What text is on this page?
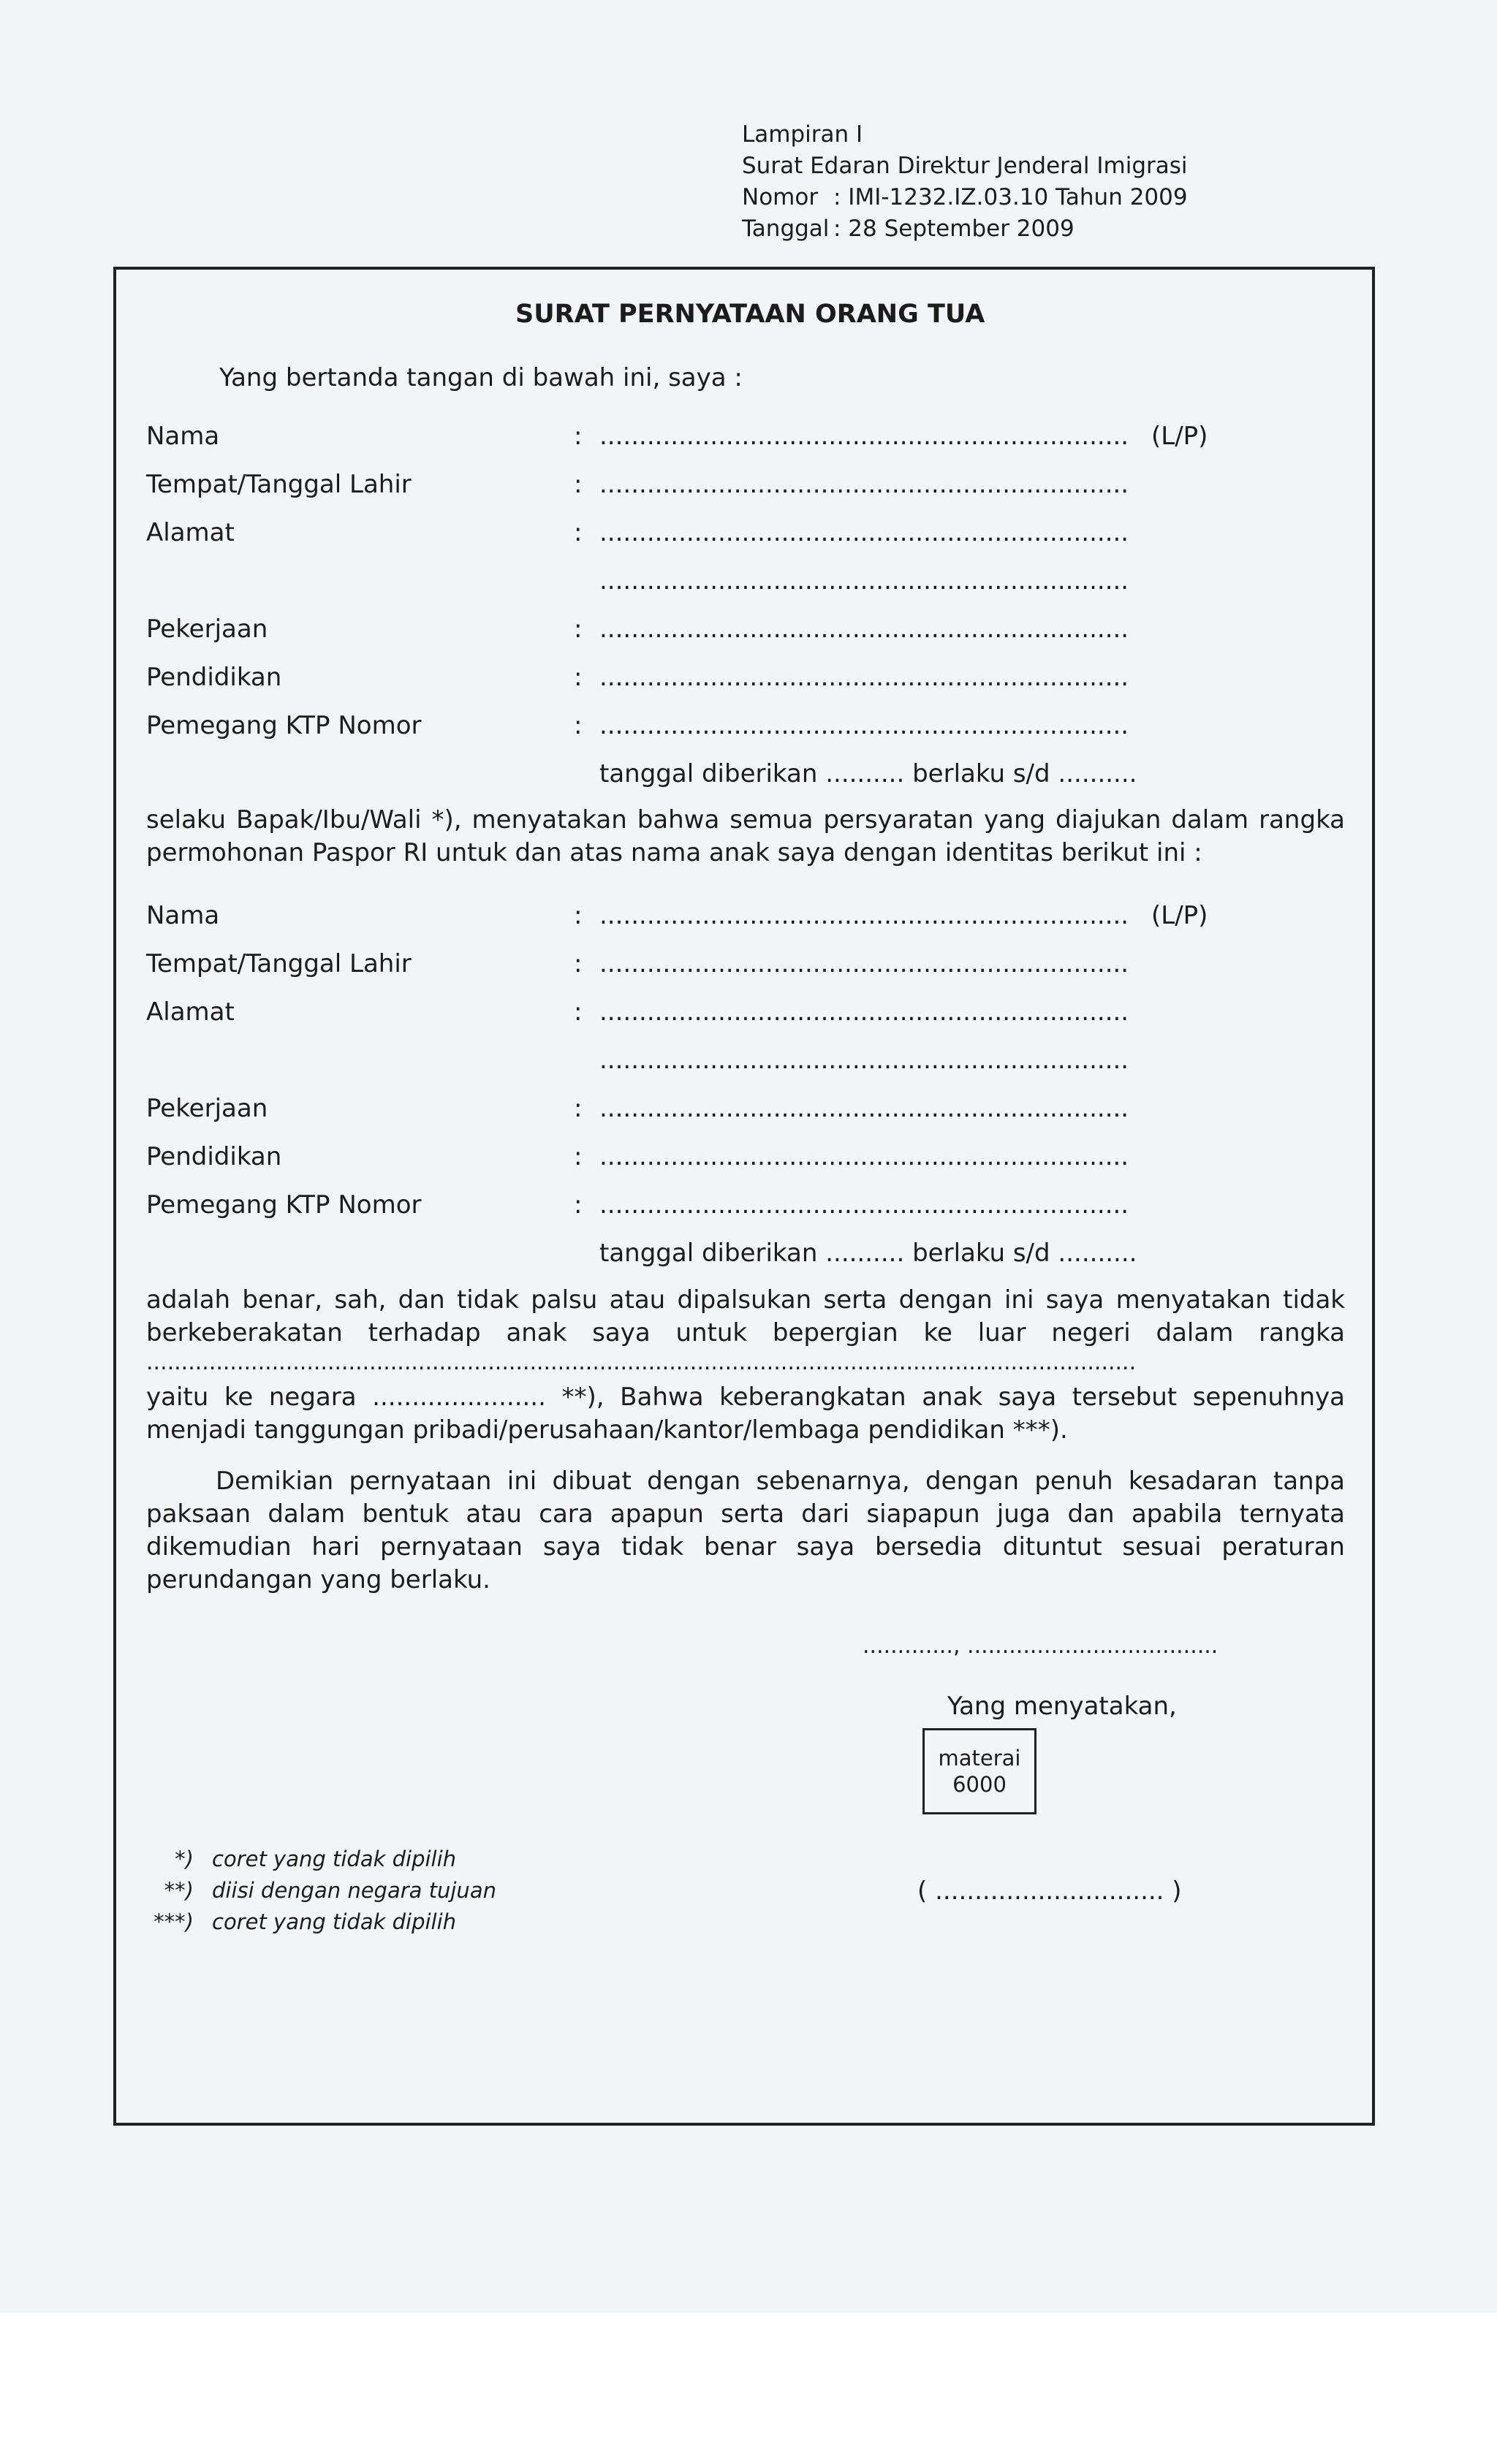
Lampiran I
Surat Edaran Direktur Jenderal Imigrasi
Nomor : IMI-1232.IZ.03.10 Tahun 2009
Tanggal : 28 September 2009
SURAT PERNYATAAN ORANG TUA
Yang bertanda tangan di bawah ini, saya :
Nama	: ................................................................... (L/P)
Tempat/Tanggal Lahir	: ...................................................................
Alamat	: ...................................................................
...................................................................
Pekerjaan	: ...................................................................
Pendidikan	: ...................................................................
Pemegang KTP Nomor	: ...................................................................
tanggal diberikan .......... berlaku s/d ..........
selaku Bapak/Ibu/Wali *), menyatakan bahwa semua persyaratan yang diajukan dalam rangka permohonan Paspor RI untuk dan atas nama anak saya dengan identitas berikut ini :
Nama	: ................................................................... (L/P)
Tempat/Tanggal Lahir	: ...................................................................
Alamat	: ...................................................................
...................................................................
Pekerjaan	: ...................................................................
Pendidikan	: ...................................................................
Pemegang KTP Nomor	: ...................................................................
tanggal diberikan .......... berlaku s/d ..........
adalah benar, sah, dan tidak palsu atau dipalsukan serta dengan ini saya menyatakan tidak berkeberakatan terhadap anak saya untuk bepergian ke luar negeri dalam rangka
..............................................................................................................................................
yaitu ke negara ...................... **), Bahwa keberangkatan anak saya tersebut sepenuhnya menjadi tanggungan pribadi/perusahaan/kantor/lembaga pendidikan ***).
Demikian pernyataan ini dibuat dengan sebenarnya, dengan penuh kesadaran tanpa paksaan dalam bentuk atau cara apapun serta dari siapapun juga dan apabila ternyata dikemudian hari pernyataan saya tidak benar saya bersedia dituntut sesuai peraturan perundangan yang berlaku.
............., ....................................
Yang menyatakan,
materai
6000
( ............................. )
*) coret yang tidak dipilih
**) diisi dengan negara tujuan
***) coret yang tidak dipilih
